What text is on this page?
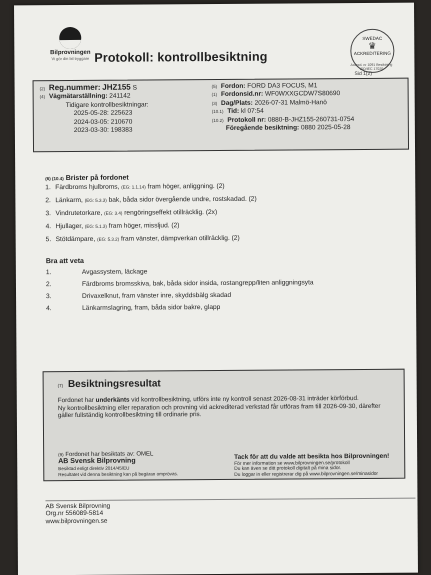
Bilprovningen
Vi gör din bil tryggare Protokoll: kontrollbesiktning
SWEDAC
♛
ACKREDITERING
Ackred. nr 1091 Besiktning ISO/IEC 17020
Sid 1(2)
(2) Reg.nummer: JHZ155 S
(4) Vägmätarställning: 241142
Tidigare kontrollbesiktningar:
2025-05-28: 225623
2024-03-05: 210670
2023-03-30: 198383
(5) Fordon: FORD DA3 FOCUS, M1
(1) Fordonsid.nr: WF0WXXGCDW7S80690
(3) Dag/Plats: 2026-07-31 Malmö-Hanö
(10.1) Tid: kl 07:54
(10.2) Protokoll nr: 0880-B-JHZ155-260731-0754
Föregående besiktning: 0880 2025-05-28
(6) (10.4) Brister på fordonet
1. Färdbroms hjulbroms, (EG: 1.1.14) fram höger, anliggning. (2)
2. Länkarm, (EG: 5.3.3) bak, båda sidor övergående undre, rostskadad. (2)
3. Vindrutetorkare, (EG: 3.4) rengöringseffekt otillräcklig. (2x)
4. Hjullager, (EG: 5.1.3) fram höger, missljud. (2)
5. Stötdämpare, (EG: 5.3.2) fram vänster, dämpverkan otillräcklig. (2)
Bra att veta
1.	Avgassystem, läckage
2.	Färdbroms bromsskiva, bak, båda sidor insida, rostangrepp/liten anliggningsyta
3.	Drivaxelknut, fram vänster inre, skyddsbälg skadad
4.	Länkarmslagring, fram, båda sidor bakre, glapp
(7) Besiktningsresultat
Fordonet har underkänts vid kontrollbesiktning, utförs inte ny kontroll senast 2026-08-31 inträder körförbud.
Ny kontrollbesiktning eller reparation och provning vid ackrediterad verkstad får utföras fram till 2026-09-30, därefter gäller fullständig kontrollbesiktning till ordinarie pris.
(9) Fordonet har besiktats av: OMEL
AB Svensk Bilprovning
Besiktad enligt direktiv 2014/45/EU
Resultatet vid denna besiktning kan på begäran omprövas.
Tack för att du valde att besikta hos Bilprovningen!
För mer information se www.bilprovningen.se/protokoll
Du kan även se ditt protokoll digitalt på mina sidor.
Du loggar in eller registrerar dig på www.bilprovningen.se/minasidor
AB Svensk Bilprovning
Org.nr 556089-5814
www.bilprovningen.se
